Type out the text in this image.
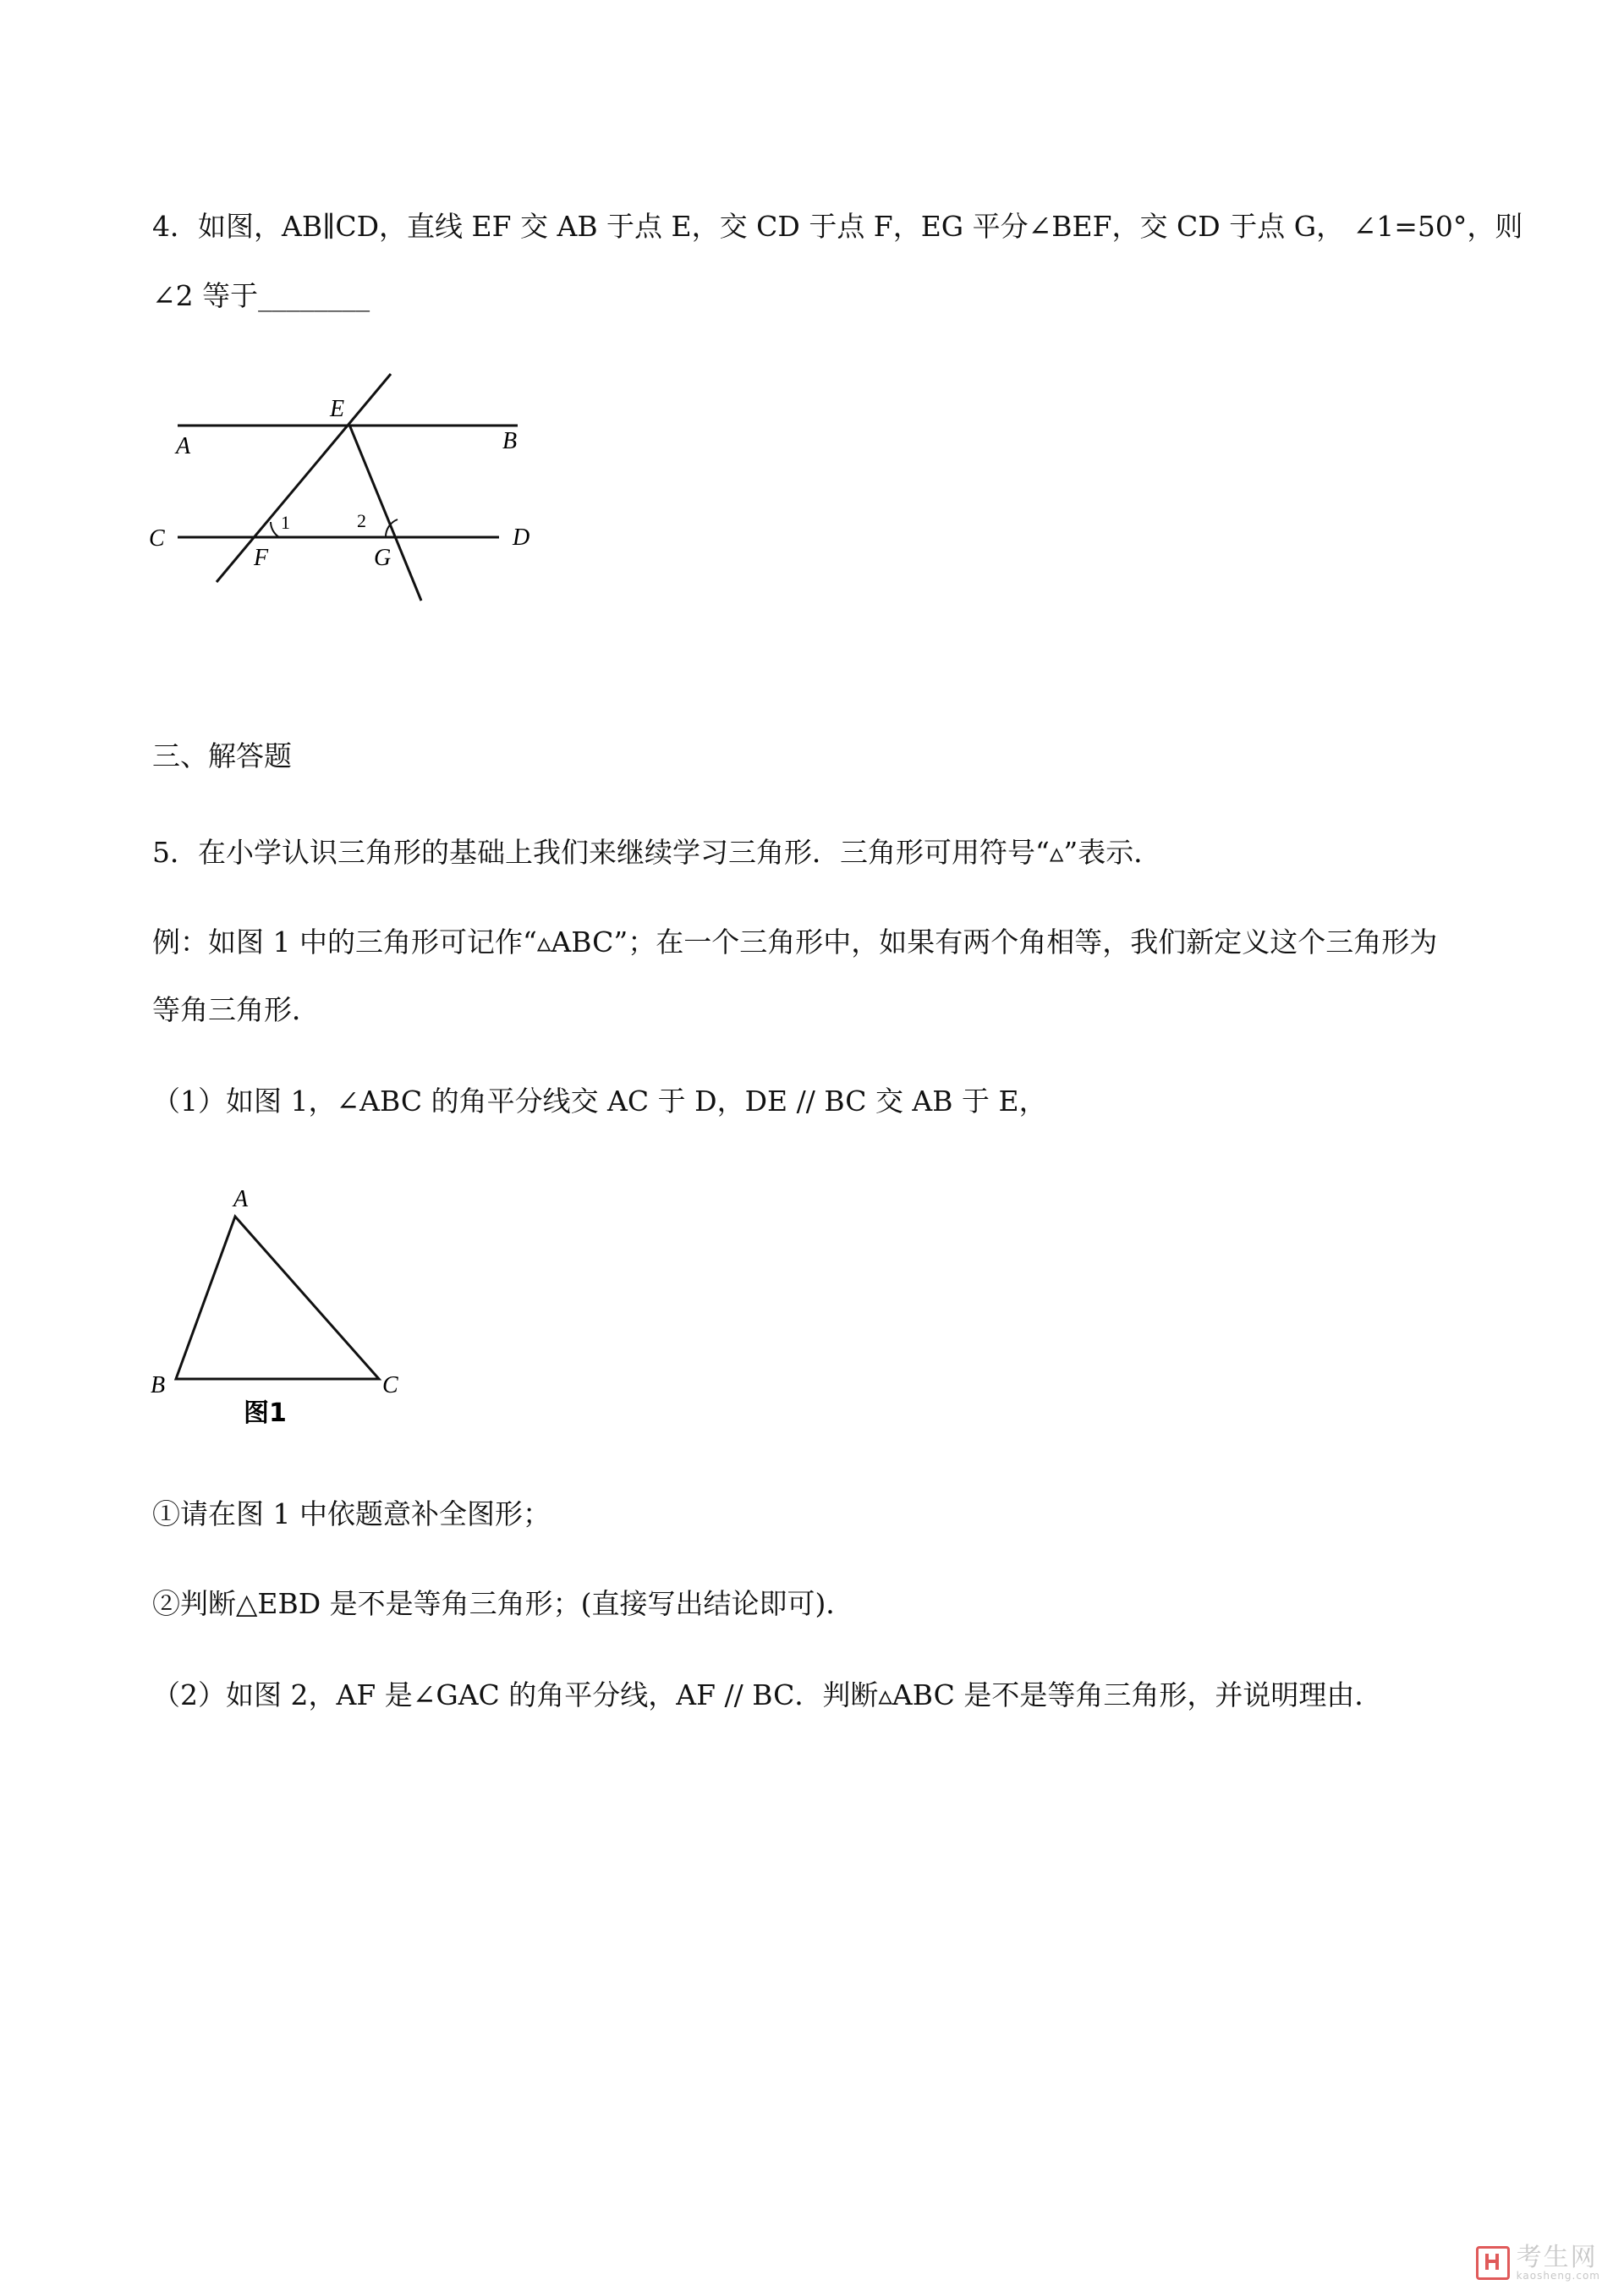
4．如图，AB∥CD，直线 EF 交 AB 于点 E，交 CD 于点 F，EG 平分∠BEF，交 CD 于点 G， ∠1=50°，则
∠2 等于________
A	B
C	D
E
F	G
1	2
三、解答题
5．在小学认识三角形的基础上我们来继续学习三角形．三角形可用符号“▵”表示．
例：如图 1 中的三角形可记作“▵ABC”；在一个三角形中，如果有两个角相等，我们新定义这个三角形为
等角三角形．
（1）如图 1，∠ABC 的角平分线交 AC 于 D，DE // BC 交 AB 于 E，
A
B	C
图1
①请在图 1 中依题意补全图形；
②判断△EBD 是不是等角三角形；(直接写出结论即可)．
（2）如图 2，AF 是∠GAC 的角平分线，AF // BC．判断▵ABC 是不是等角三角形，并说明理由．
考生网
kaosheng.com
